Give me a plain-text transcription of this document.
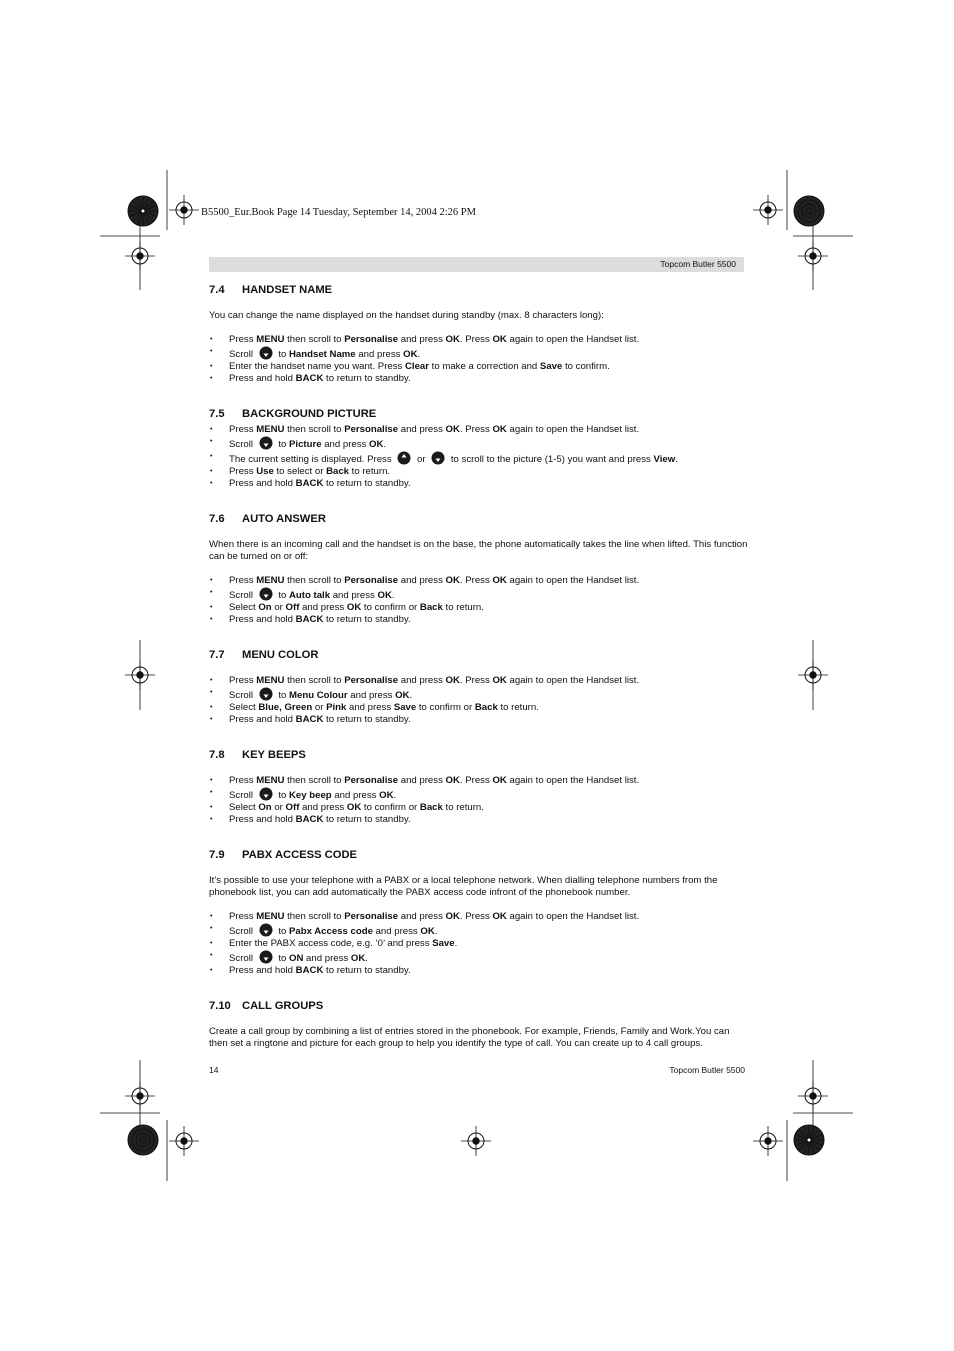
B5500_Eur.Book Page 14 Tuesday, September 14, 2004 2:26 PM
Topcom Butler 5500
7.4 HANDSET NAME

You can change the name displayed on the handset during standby (max. 8 characters long):

• Press MENU then scroll to Personalise and press OK. Press OK again to open the Handset list.
• Scroll  to Handset Name and press OK.
• Enter the handset name you want. Press Clear to make a correction and Save to confirm.
• Press and hold BACK to return to standby.
7.5 BACKGROUND PICTURE
• Press MENU then scroll to Personalise and press OK. Press OK again to open the Handset list.
• Scroll  to Picture and press OK.
• The current setting is displayed. Press  or  to scroll to the picture (1-5) you want and press View.
• Press Use to select or Back to return.
• Press and hold BACK to return to standby.
7.6 AUTO ANSWER

When there is an incoming call and the handset is on the base, the phone automatically takes the line when lifted. This function can be turned on or off:

• Press MENU then scroll to Personalise and press OK. Press OK again to open the Handset list.
• Scroll  to Auto talk and press OK.
• Select On or Off and press OK to confirm or Back to return.
• Press and hold BACK to return to standby.
7.7 MENU COLOR
• Press MENU then scroll to Personalise and press OK. Press OK again to open the Handset list.
• Scroll  to Menu Colour and press OK.
• Select Blue, Green or Pink and press Save to confirm or Back to return.
• Press and hold BACK to return to standby.
7.8 KEY BEEPS
• Press MENU then scroll to Personalise and press OK. Press OK again to open the Handset list.
• Scroll  to Key beep and press OK.
• Select On or Off and press OK to confirm or Back to return.
• Press and hold BACK to return to standby.
7.9 PABX ACCESS CODE

It’s possible to use your telephone with a PABX or a local telephone network. When dialling telephone numbers from the phonebook list, you can add automatically the PABX access code infront of the phonebook number.

• Press MENU then scroll to Personalise and press OK. Press OK again to open the Handset list.
• Scroll  to Pabx Access code and press OK.
• Enter the PABX access code, e.g. ‘0’ and press Save.
• Scroll  to ON and press OK.
• Press and hold BACK to return to standby.
7.10 CALL GROUPS

Create a call group by combining a list of entries stored in the phonebook. For example, Friends, Family and Work.You can then set a ringtone and picture for each group to help you identify the type of call. You can create up to 4 call groups.

14	Topcom Butler 5500
